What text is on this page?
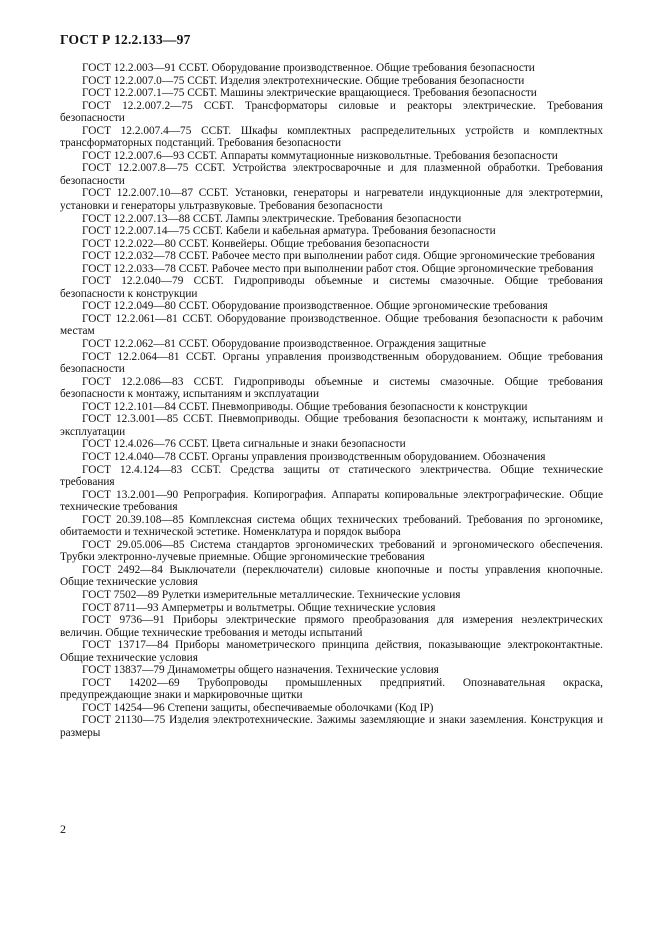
ГОСТ Р 12.2.133—97

ГОСТ 12.2.003—91 ССБТ. Оборудование производственное. Общие требования безопасности

ГОСТ 12.2.007.0—75 ССБТ. Изделия электротехнические. Общие требования безопасности

ГОСТ 12.2.007.1—75 ССБТ. Машины электрические вращающиеся. Требования безопасности

ГОСТ 12.2.007.2—75 ССБТ. Трансформаторы силовые и реакторы электрические. Требования безопасности

ГОСТ 12.2.007.4—75 ССБТ. Шкафы комплектных распределительных устройств и комплектных трансформаторных подстанций. Требования безопасности

ГОСТ 12.2.007.6—93 ССБТ. Аппараты коммутационные низковольтные. Требования безопасности

ГОСТ 12.2.007.8—75 ССБТ. Устройства электросварочные и для плазменной обработки. Требования безопасности

ГОСТ 12.2.007.10—87 ССБТ. Установки, генераторы и нагреватели индукционные для электротермии, установки и генераторы ультразвуковые. Требования безопасности

ГОСТ 12.2.007.13—88 ССБТ. Лампы электрические. Требования безопасности

ГОСТ 12.2.007.14—75 ССБТ. Кабели и кабельная арматура. Требования безопасности

ГОСТ 12.2.022—80 ССБТ. Конвейеры. Общие требования безопасности

ГОСТ 12.2.032—78 ССБТ. Рабочее место при выполнении работ сидя. Общие эргономические требования

ГОСТ 12.2.033—78 ССБТ. Рабочее место при выполнении работ стоя. Общие эргономические требования

ГОСТ 12.2.040—79 ССБТ. Гидроприводы объемные и системы смазочные. Общие требования безопасности к конструкции

ГОСТ 12.2.049—80 ССБТ. Оборудование производственное. Общие эргономические требования

ГОСТ 12.2.061—81 ССБТ. Оборудование производственное. Общие требования безопасности к рабочим местам

ГОСТ 12.2.062—81 ССБТ. Оборудование производственное. Ограждения защитные

ГОСТ 12.2.064—81 ССБТ. Органы управления производственным оборудованием. Общие требования безопасности

ГОСТ 12.2.086—83 ССБТ. Гидроприводы объемные и системы смазочные. Общие требования безопасности к монтажу, испытаниям и эксплуатации

ГОСТ 12.2.101—84 ССБТ. Пневмоприводы. Общие требования безопасности к конструкции

ГОСТ 12.3.001—85 ССБТ. Пневмоприводы. Общие требования безопасности к монтажу, испытаниям и эксплуатации

ГОСТ 12.4.026—76 ССБТ. Цвета сигнальные и знаки безопасности

ГОСТ 12.4.040—78 ССБТ. Органы управления производственным оборудованием. Обозначения

ГОСТ 12.4.124—83 ССБТ. Средства защиты от статического электричества. Общие технические требования

ГОСТ 13.2.001—90 Репрография. Копирография. Аппараты копировальные электрографические. Общие технические требования

ГОСТ 20.39.108—85 Комплексная система общих технических требований. Требования по эргономике, обитаемости и технической эстетике. Номенклатура и порядок выбора

ГОСТ 29.05.006—85 Система стандартов эргономических требований и эргономического обеспечения. Трубки электронно-лучевые приемные. Общие эргономические требования

ГОСТ 2492—84 Выключатели (переключатели) силовые кнопочные и посты управления кнопочные. Общие технические условия

ГОСТ 7502—89 Рулетки измерительные металлические. Технические условия

ГОСТ 8711—93 Амперметры и вольтметры. Общие технические условия

ГОСТ 9736—91 Приборы электрические прямого преобразования для измерения неэлектрических величин. Общие технические требования и методы испытаний

ГОСТ 13717—84 Приборы манометрического принципа действия, показывающие электроконтактные. Общие технические условия

ГОСТ 13837—79 Динамометры общего назначения. Технические условия

ГОСТ 14202—69 Трубопроводы промышленных предприятий. Опознавательная окраска, предупреждающие знаки и маркировочные щитки

ГОСТ 14254—96 Степени защиты, обеспечиваемые оболочками (Код IP)

ГОСТ 21130—75 Изделия электротехнические. Зажимы заземляющие и знаки заземления. Конструкция и размеры

2
